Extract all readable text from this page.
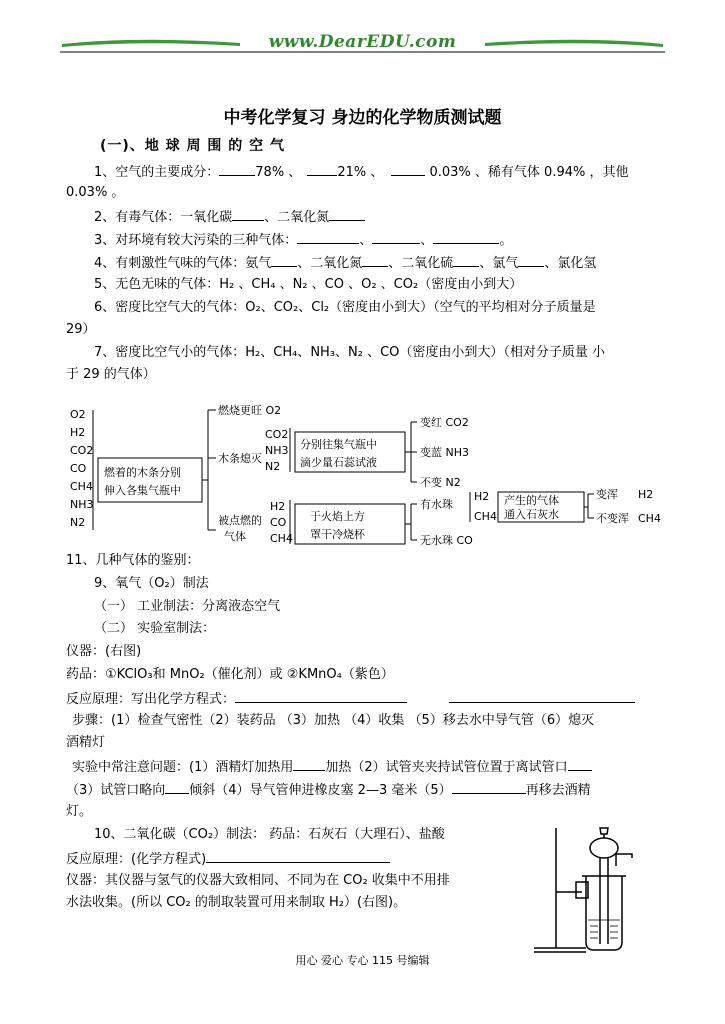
www.DearEDU.com
中考化学复习 身边的化学物质测试题
(一)、地 球 周 围 的 空 气
1、空气的主要成分：	78% 、	21% 、	0.03% 、稀有气体 0.94% ，其他
0.03% 。
2、有毒气体：一氧化碳 、二氧化氮
3、对环境有较大污染的三种气体：	、	、	。
4、有刺激性气味的气体：氨气 、二氧化氮 、二氧化硫 、氯气 、氯化氢
5、无色无味的气体：H₂ 、CH₄ 、N₂ 、CO 、O₂ 、CO₂（密度由小到大）
6、密度比空气大的气体：O₂、CO₂、Cl₂（密度由小到大）（空气的平均相对分子质量是
29）
7、密度比空气小的气体：H₂、CH₄、NH₃、N₂ 、CO（密度由小到大）（相对分子质量 小
于 29 的气体）
O2
H2
CO2
CO
CH4
NH3
N2
燃着的木条分别
伸入各集气瓶中
燃烧更旺 O2
木条熄灭
CO2
NH3
N2
分别往集气瓶中
滴少量石蕊试液
变红 CO2
变蓝 NH3
不变 N2
被点燃的
气体
H2
CO
CH4
于火焰上方
罩干冷烧杯
有水珠
H2
CH4
产生的气体
通入石灰水
变浑 H2
不变浑 CH4
无水珠 CO
11、几种气体的鉴别：
9、氧气（O₂）制法
（一） 工业制法：分离液态空气
（二） 实验室制法：
仪器：(右图)
药品：①KClO₃和 MnO₂（催化剂）或 ②KMnO₄（紫色）
反应原理：写出化学方程式：
步骤：(1）检查气密性（2）装药品 （3）加热 （4）收集 （5）移去水中导气管（6）熄灭
酒精灯
实验中常注意问题：(1）酒精灯加热用 加热（2）试管夹夹持试管位置于离试管口
（3）试管口略向 倾斜（4）导气管伸进橡皮塞 2—3 毫米（5）	再移去酒精
灯。
10、二氧化碳（CO₂）制法： 药品：石灰石（大理石）、盐酸
反应原理：(化学方程式)
仪器：其仪器与氢气的仪器大致相同、不同为在 CO₂ 收集中不用排
水法收集。(所以 CO₂ 的制取装置可用来制取 H₂）(右图)。
用心 爱心 专心 115 号编辑
